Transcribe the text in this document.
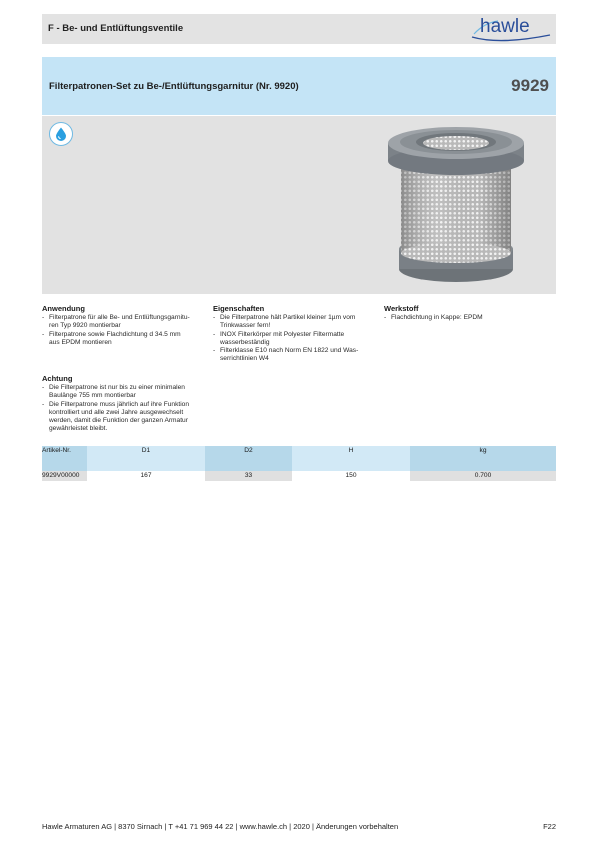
F - Be- und Entlüftungsventile	hawle
Filterpatronen-Set zu Be-/Entlüftungsgarnitur (Nr. 9920)	9929
Anwendung
- Filterpatrone für alle Be- und Entlüftungsgarnitu-
ren Typ 9920 montierbar
- Filterpatrone sowie Flachdichtung d 34.5 mm
aus EPDM montieren
Eigenschaften
- Die Filterpatrone hält Partikel kleiner 1µm vom
Trinkwasser fern!
- INOX Filterkörper mit Polyester Filtermatte
wasserbeständig
- Filterklasse E10 nach Norm EN 1822 und Was-
serrichtlinien W4
Werkstoff
- Flachdichtung in Kappe: EPDM
Achtung
- Die Filterpatrone ist nur bis zu einer minimalen
Baulänge 755 mm montierbar
- Die Filterpatrone muss jährlich auf ihre Funktion
kontrolliert und alle zwei Jahre ausgewechselt
werden, damit die Funktion der ganzen Armatur
gewährleistet bleibt.
Artikel-Nr.	D1	D2	H	kg
9929V00000	167	33	150	0.700
Hawle Armaturen AG | 8370 Sirnach | T +41 71 969 44 22 | www.hawle.ch | 2020 | Änderungen vorbehalten	F22
